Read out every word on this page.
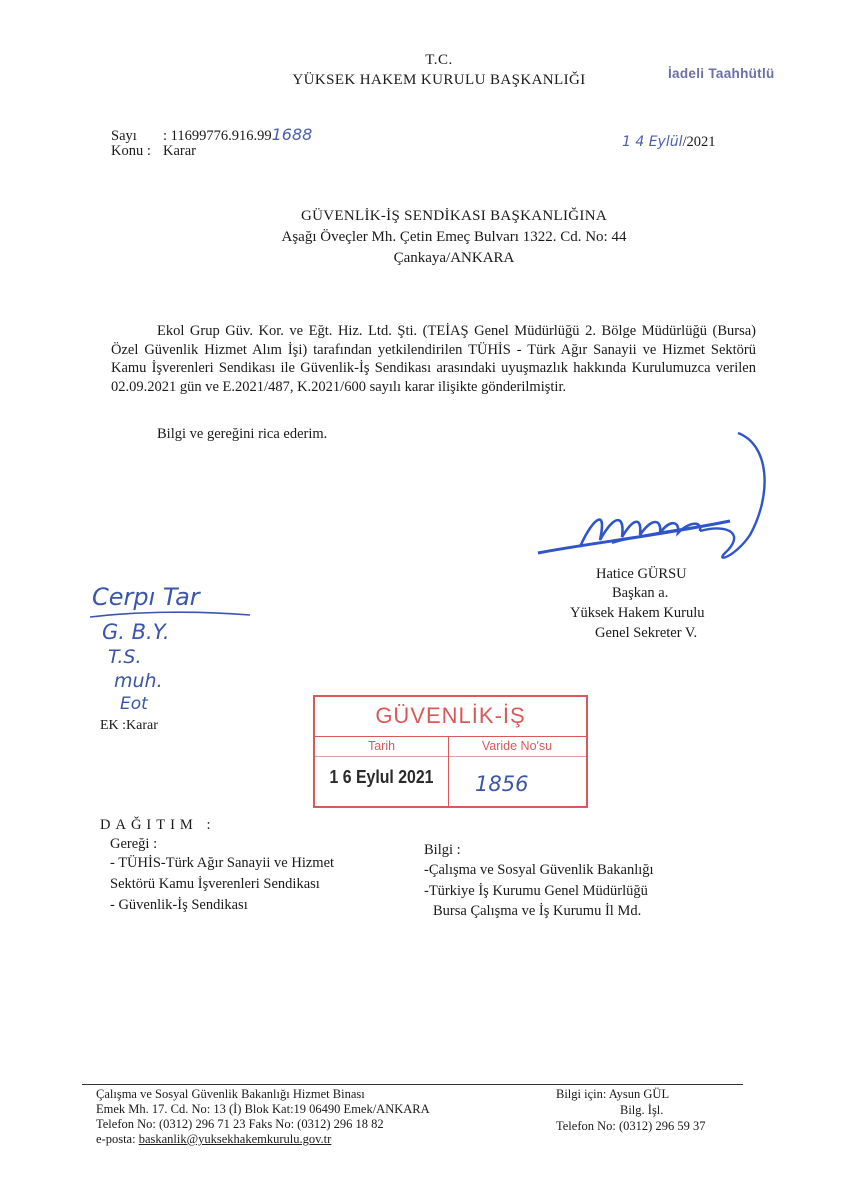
T.C.
YÜKSEK HAKEM KURULU BAŞKANLIĞI	İadeli Taahhütlü
Sayı : 11699776.916.991688
Konu : Karar
1 4 Eylül/2021
GÜVENLİK-İŞ SENDİKASI BAŞKANLIĞINA
Aşağı Öveçler Mh. Çetin Emeç Bulvarı 1322. Cd. No: 44
Çankaya/ANKARA
Ekol Grup Güv. Kor. ve Eğt. Hiz. Ltd. Şti. (TEİAŞ Genel Müdürlüğü 2. Bölge Müdürlüğü (Bursa) Özel Güvenlik Hizmet Alım İşi) tarafından yetkilendirilen TÜHİS - Türk Ağır Sanayii ve Hizmet Sektörü Kamu İşverenleri Sendikası ile Güvenlik-İş Sendikası arasındaki uyuşmazlık hakkında Kurulumuzca verilen 02.09.2021 gün ve E.2021/487, K.2021/600 sayılı karar ilişikte gönderilmiştir.
Bilgi ve gereğini rica ederim.
Hatice GÜRSU
Başkan a.
Yüksek Hakem Kurulu
Genel Sekreter V.
Cerpı Tar
G. B.Y.
T.S.
muh.
Eot
EK :Karar	GÜVENLİK-İŞ
Tarih	Varide No'su
1 6 Eylul 2021	1856
DAĞITIM :
Gereği :
- TÜHİS-Türk Ağır Sanayii ve Hizmet
Sektörü Kamu İşverenleri Sendikası
- Güvenlik-İş Sendikası
Bilgi :
-Çalışma ve Sosyal Güvenlik Bakanlığı
-Türkiye İş Kurumu Genel Müdürlüğü
Bursa Çalışma ve İş Kurumu İl Md.
Çalışma ve Sosyal Güvenlik Bakanlığı Hizmet Binası
Emek Mh. 17. Cd. No: 13 (İ) Blok Kat:19 06490 Emek/ANKARA
Telefon No: (0312) 296 71 23 Faks No: (0312) 296 18 82
e-posta: baskanlik@yuksekhakemkurulu.gov.tr
Bilgi için: Aysun GÜL
Bilg. İşl.
Telefon No: (0312) 296 59 37
